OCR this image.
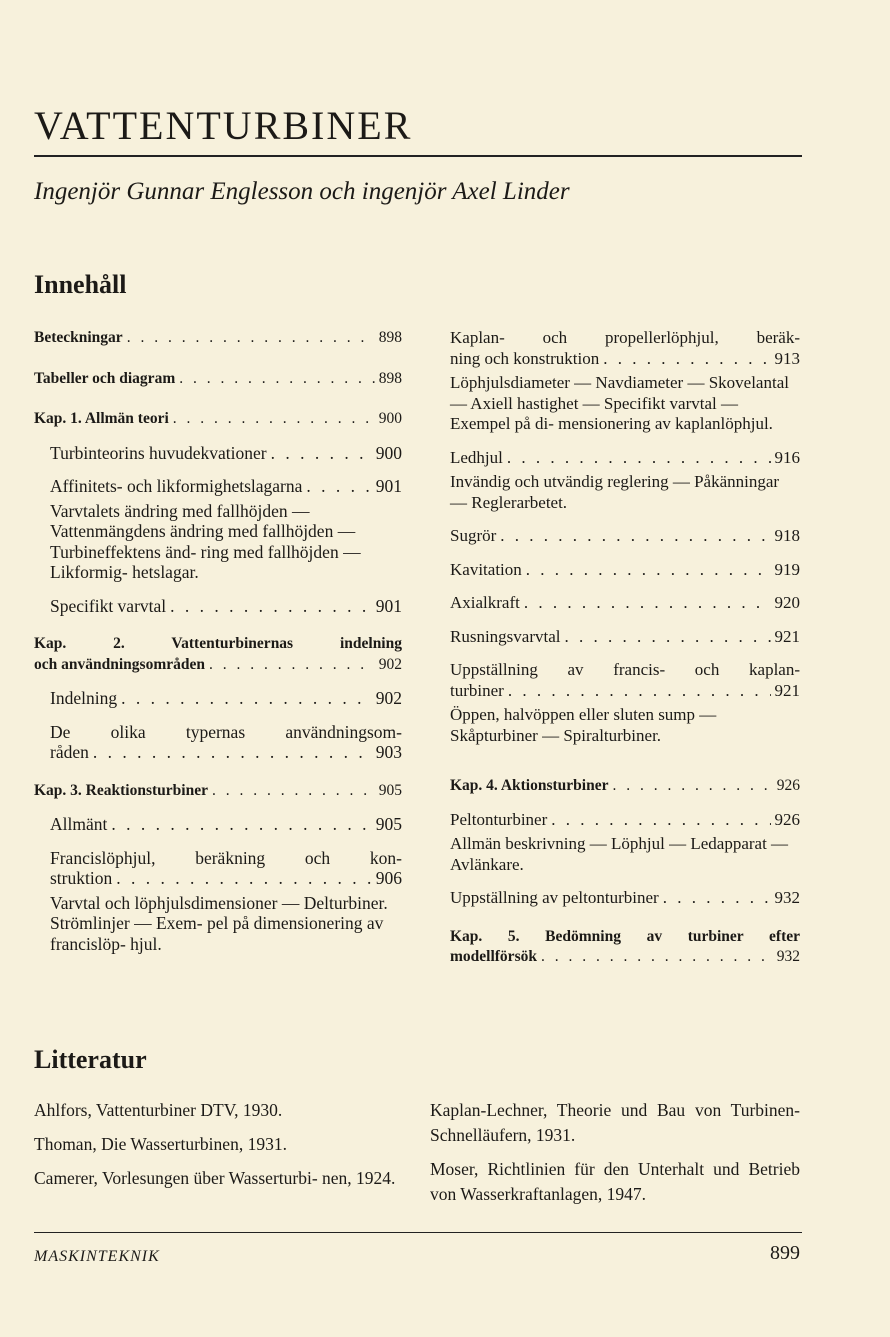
VATTENTURBINER
Ingenjör Gunnar Englesson och ingenjör Axel Linder
Innehåll
Beteckningar . . .	898
Tabeller och diagram . . .	898
Kap. 1. Allmän teori . . .	900
Turbinteorins huvudekvationer . . .	900
Affinitets- och likformighetslagarna . . .	901
Varvtalets ändring med fallhöjden — Vattenmängdens ändring med fallhöjden — Turbineffektens änd- ring med fallhöjden — Likformig- hetslagar.
Specifikt varvtal . . .	901
Kap. 2. Vattenturbinernas indelning
och användningsområden . . .	902
Indelning . . .	902
De olika typernas användningsom-
råden . . .	903
Kap. 3. Reaktionsturbiner . . .	905
Allmänt . . .	905
Francislöphjul, beräkning och kon-
struktion . . .	906
Varvtal och löphjulsdimensioner — Delturbiner. Strömlinjer — Exem- pel på dimensionering av francislöp- hjul.
Kaplan- och propellerlöphjul, beräk-
ning och konstruktion . . .	913
Löphjulsdiameter — Navdiameter — Skovelantal — Axiell hastighet — Specifikt varvtal — Exempel på di- mensionering av kaplanlöphjul.
Ledhjul . . .	916
Invändig och utvändig reglering — Påkänningar — Reglerarbetet.
Sugrör . . .	918
Kavitation . . .	919
Axialkraft . . .	920
Rusningsvarvtal . . .	921
Uppställning av francis- och kaplan-
turbiner . . .	921
Öppen, halvöppen eller sluten sump — Skåpturbiner — Spiralturbiner.
Kap. 4. Aktionsturbiner . . .	926
Peltonturbiner . . .	926
Allmän beskrivning — Löphjul — Ledapparat — Avlänkare.
Uppställning av peltonturbiner . . .	932
Kap. 5. Bedömning av turbiner efter
modellförsök . . .	932
Litteratur
Ahlfors, Vattenturbiner DTV, 1930.
Thoman, Die Wasserturbinen, 1931.
Camerer, Vorlesungen über Wasserturbi- nen, 1924.
Kaplan-Lechner, Theorie und Bau von Turbinen-Schnelläufern, 1931.
Moser, Richtlinien für den Unterhalt und Betrieb von Wasserkraftanlagen, 1947.
MASKINTEKNIK	899
